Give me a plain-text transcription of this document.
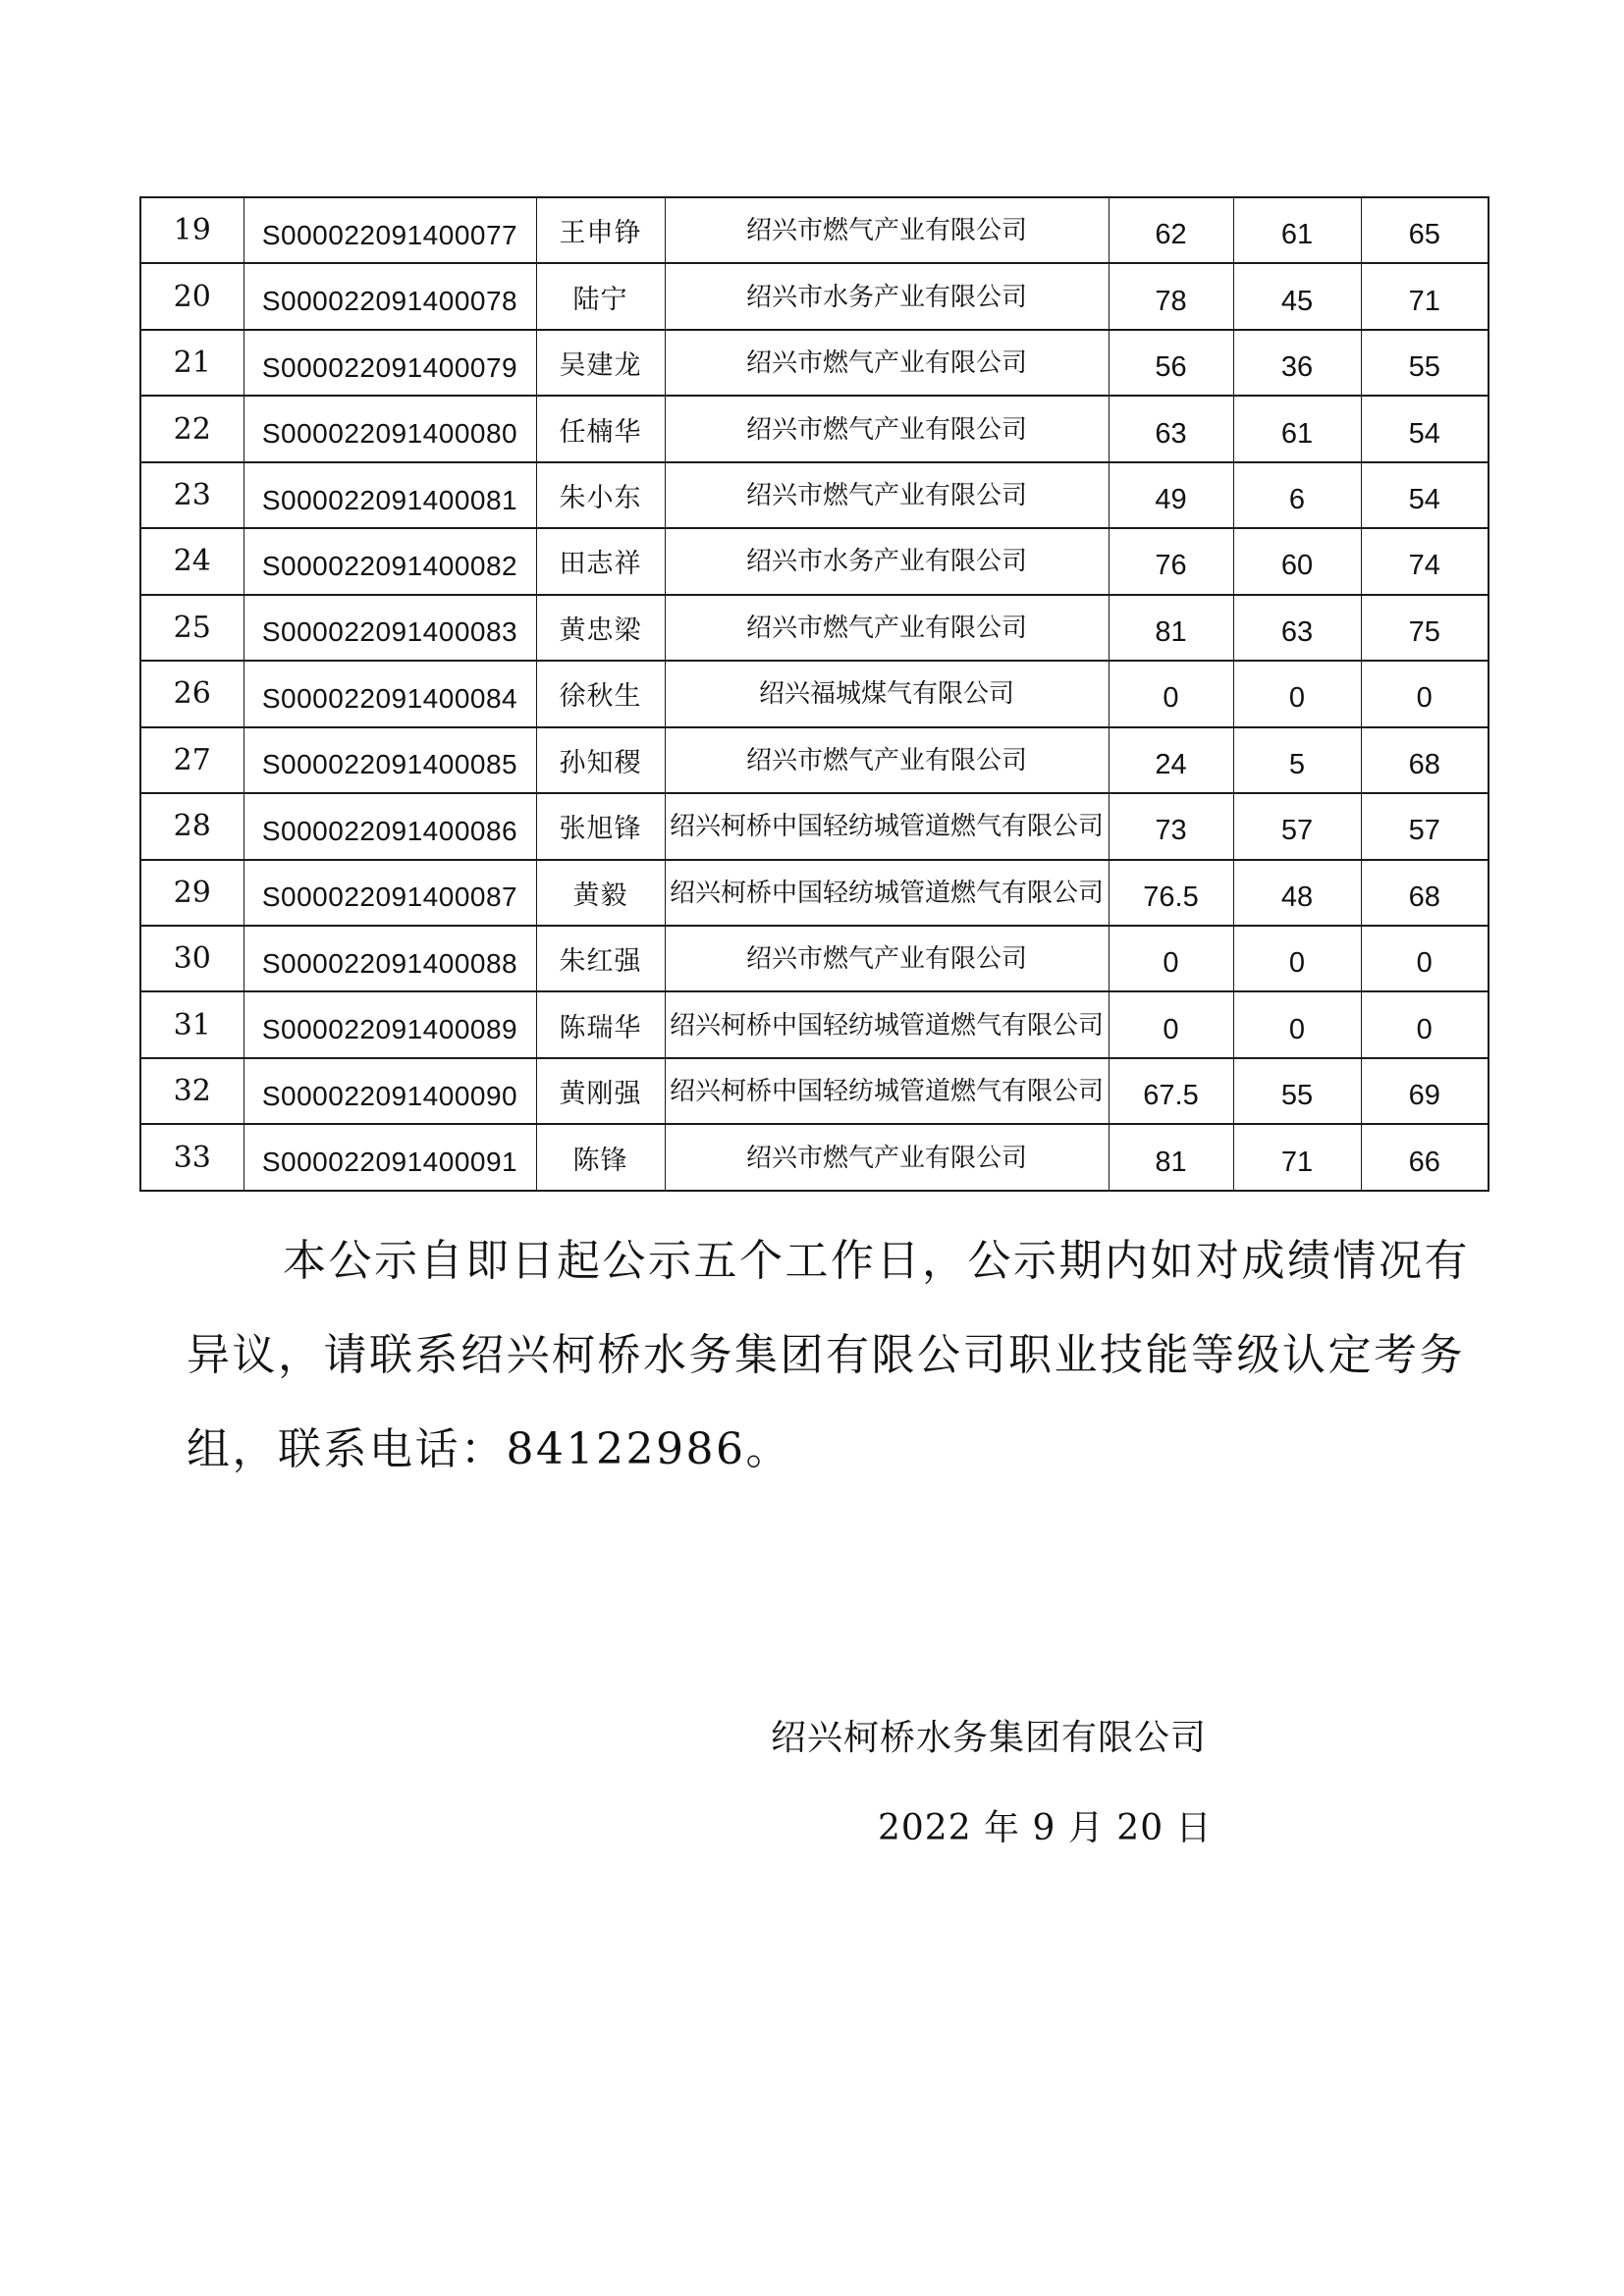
19	S000022091400077	王申铮	绍兴市燃气产业有限公司	62	61	65
20	S000022091400078	陆宁	绍兴市水务产业有限公司	78	45	71
21	S000022091400079	吴建龙	绍兴市燃气产业有限公司	56	36	55
22	S000022091400080	任楠华	绍兴市燃气产业有限公司	63	61	54
23	S000022091400081	朱小东	绍兴市燃气产业有限公司	49	6	54
24	S000022091400082	田志祥	绍兴市水务产业有限公司	76	60	74
25	S000022091400083	黄忠梁	绍兴市燃气产业有限公司	81	63	75
26	S000022091400084	徐秋生	绍兴福城煤气有限公司	0	0	0
27	S000022091400085	孙知稷	绍兴市燃气产业有限公司	24	5	68
28	S000022091400086	张旭锋	绍兴柯桥中国轻纺城管道燃气有限公司	73	57	57
29	S000022091400087	黄毅	绍兴柯桥中国轻纺城管道燃气有限公司	76.5	48	68
30	S000022091400088	朱红强	绍兴市燃气产业有限公司	0	0	0
31	S000022091400089	陈瑞华	绍兴柯桥中国轻纺城管道燃气有限公司	0	0	0
32	S000022091400090	黄刚强	绍兴柯桥中国轻纺城管道燃气有限公司	67.5	55	69
33	S000022091400091	陈锋	绍兴市燃气产业有限公司	81	71	66
本公示自即日起公示五个工作日，公示期内如对成绩情况有
异议，请联系绍兴柯桥水务集团有限公司职业技能等级认定考务
组，联系电话：84122986。
绍兴柯桥水务集团有限公司
2022 年 9 月 20 日
